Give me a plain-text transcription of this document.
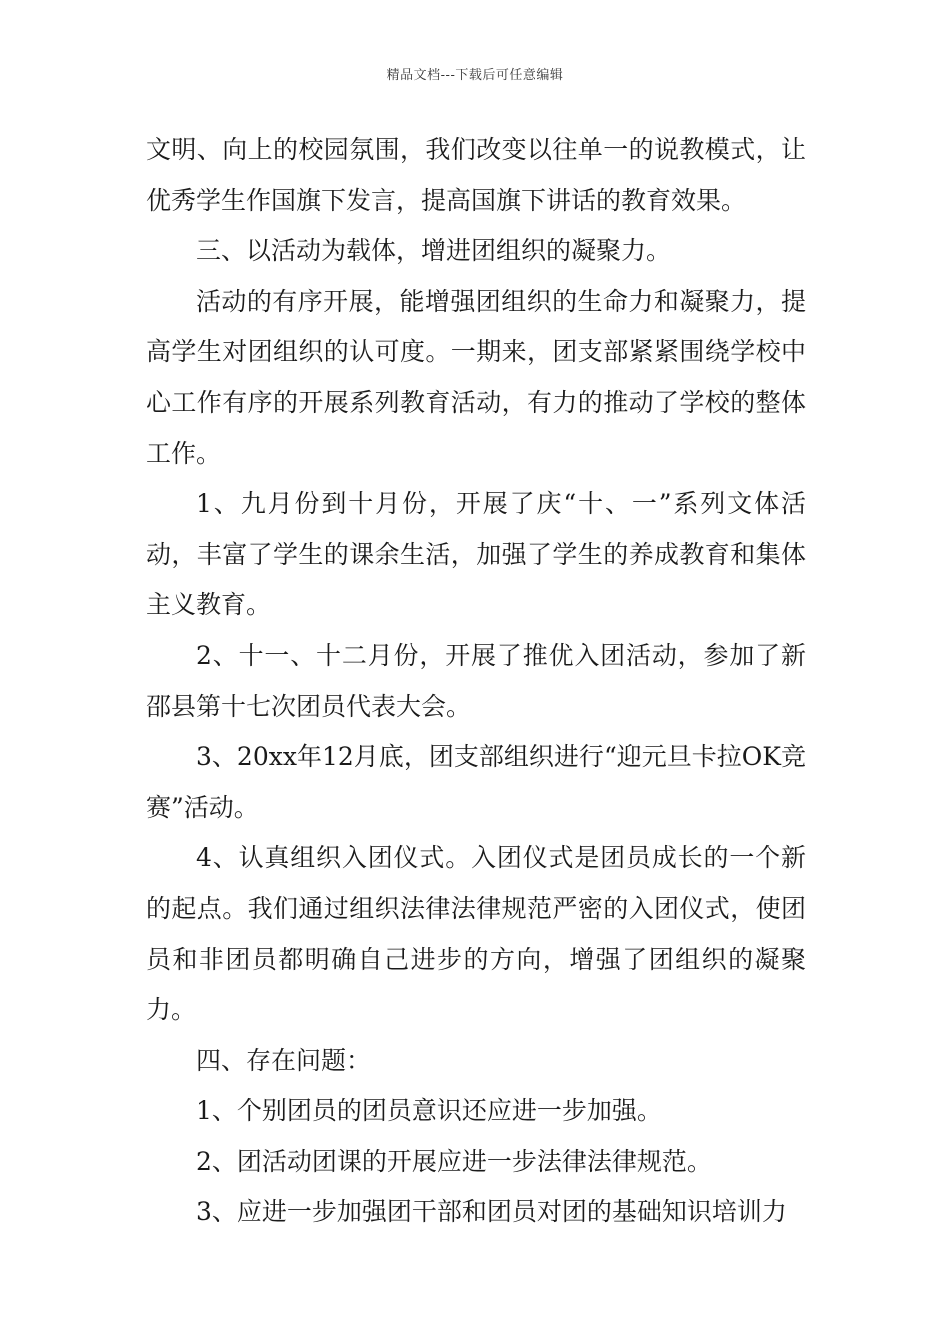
精品文档---下载后可任意编辑

文明、向上的校园氛围，我们改变以往单一的说教模式，让优秀学生作国旗下发言，提高国旗下讲话的教育效果。

三、以活动为载体，增进团组织的凝聚力。

活动的有序开展，能增强团组织的生命力和凝聚力，提高学生对团组织的认可度。一期来，团支部紧紧围绕学校中心工作有序的开展系列教育活动，有力的推动了学校的整体工作。

1、九月份到十月份，开展了庆“十、一”系列文体活动，丰富了学生的课余生活，加强了学生的养成教育和集体主义教育。

2、十一、十二月份，开展了推优入团活动，参加了新邵县第十七次团员代表大会。

3、20xx年12月底，团支部组织进行“迎元旦卡拉OK竞赛”活动。

4、认真组织入团仪式。入团仪式是团员成长的一个新的起点。我们通过组织法律法律规范严密的入团仪式，使团员和非团员都明确自己进步的方向，增强了团组织的凝聚力。

四、存在问题：

1、个别团员的团员意识还应进一步加强。

2、团活动团课的开展应进一步法律法律规范。

3、应进一步加强团干部和团员对团的基础知识培训力
